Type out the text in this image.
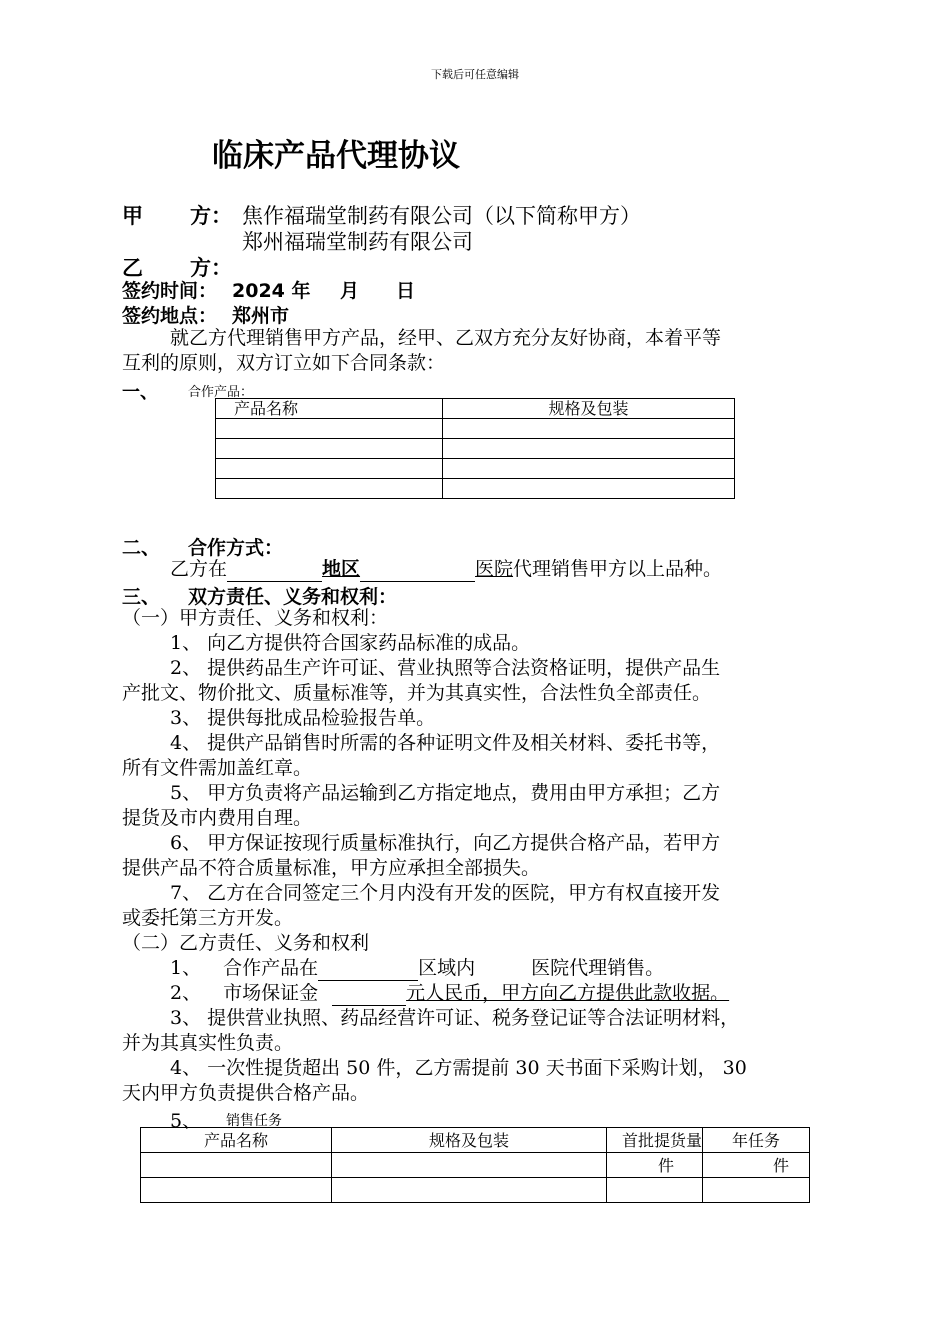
下载后可任意编辑
临床产品代理协议
甲 方： 焦作福瑞堂制药有限公司（以下简称甲方）
郑州福瑞堂制药有限公司
乙 方：
签约时间： 2024 年 月 日
签约地点： 郑州市
就乙方代理销售甲方产品，经甲、乙双方充分友好协商，本着平等
互利的原则，双方订立如下合同条款：
一、 合作产品：
产品名称	规格及包装

二、 合作方式：
乙方在	地区	医院代理销售甲方以上品种。
三、 双方责任、义务和权利：
（一）甲方责任、义务和权利：
1、 向乙方提供符合国家药品标准的成品。
2、 提供药品生产许可证、营业执照等合法资格证明，提供产品生
产批文、物价批文、质量标准等，并为其真实性，合法性负全部责任。
3、 提供每批成品检验报告单。
4、 提供产品销售时所需的各种证明文件及相关材料、委托书等，
所有文件需加盖红章。
5、 甲方负责将产品运输到乙方指定地点，费用由甲方承担；乙方
提货及市内费用自理。
6、 甲方保证按现行质量标准执行，向乙方提供合格产品，若甲方
提供产品不符合质量标准，甲方应承担全部损失。
7、 乙方在合同签定三个月内没有开发的医院，甲方有权直接开发
或委托第三方开发。
（二）乙方责任、义务和权利
1、 合作产品在	区域内	医院代理销售。
2、 市场保证金	元人民币，甲方向乙方提供此款收据。
3、 提供营业执照、药品经营许可证、税务登记证等合法证明材料，
并为其真实性负责。
4、 一次性提货超出 50 件，乙方需提前 30 天书面下采购计划， 30
天内甲方负责提供合格产品。
5、 销售任务
产品名称	规格及包装	首批提货量	年任务
		件	件
